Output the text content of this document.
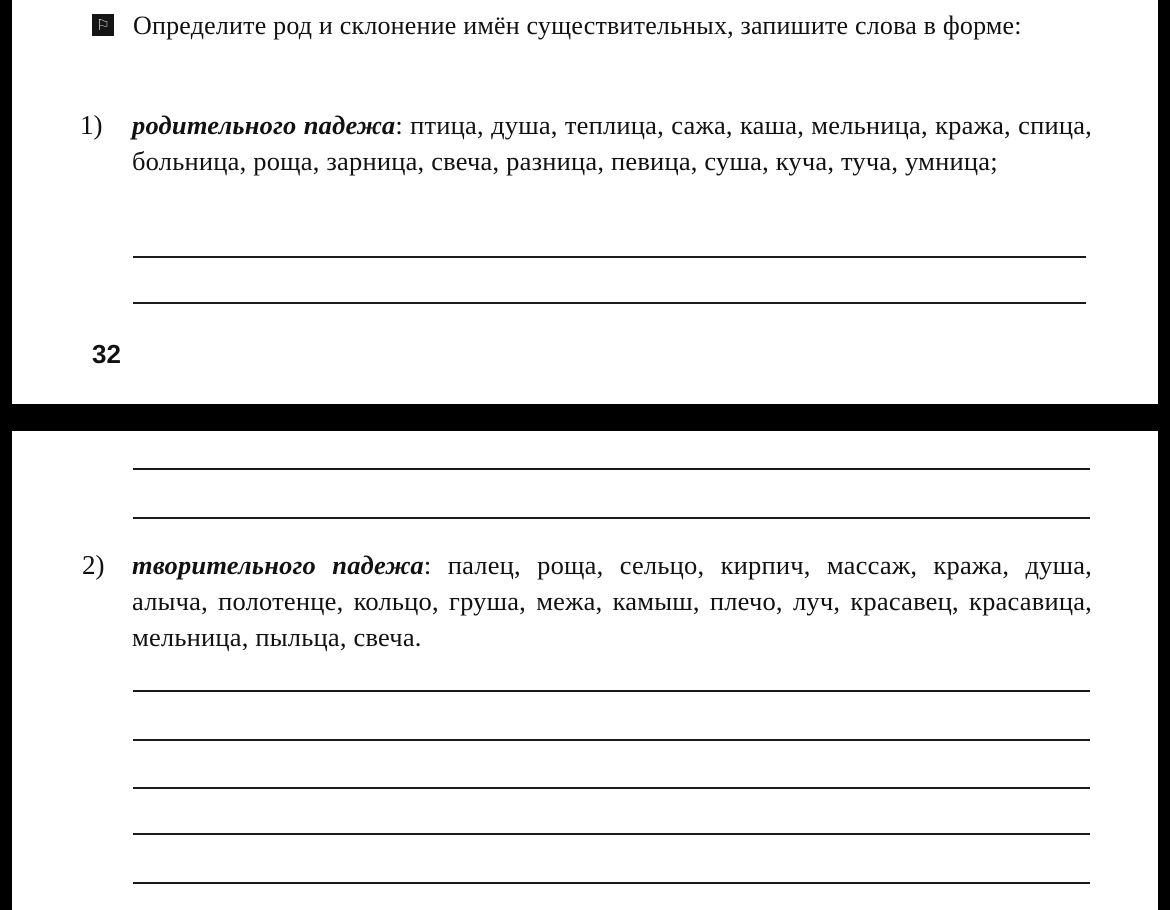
⚐ Определите род и склонение имён существительных, запишите слова в форме:

1) родительного падежа: птица, душа, теплица, сажа, каша, мельница, кража, спица, больница, роща, зарница, свеча, разница, певица, суша, куча, туча, умница;

32
2) творительного падежа: палец, роща, сельцо, кирпич, массаж, кража, душа, алыча, полотенце, кольцо, груша, межа, камыш, плечо, луч, красавец, красавица, мельница, пыльца, свеча.
